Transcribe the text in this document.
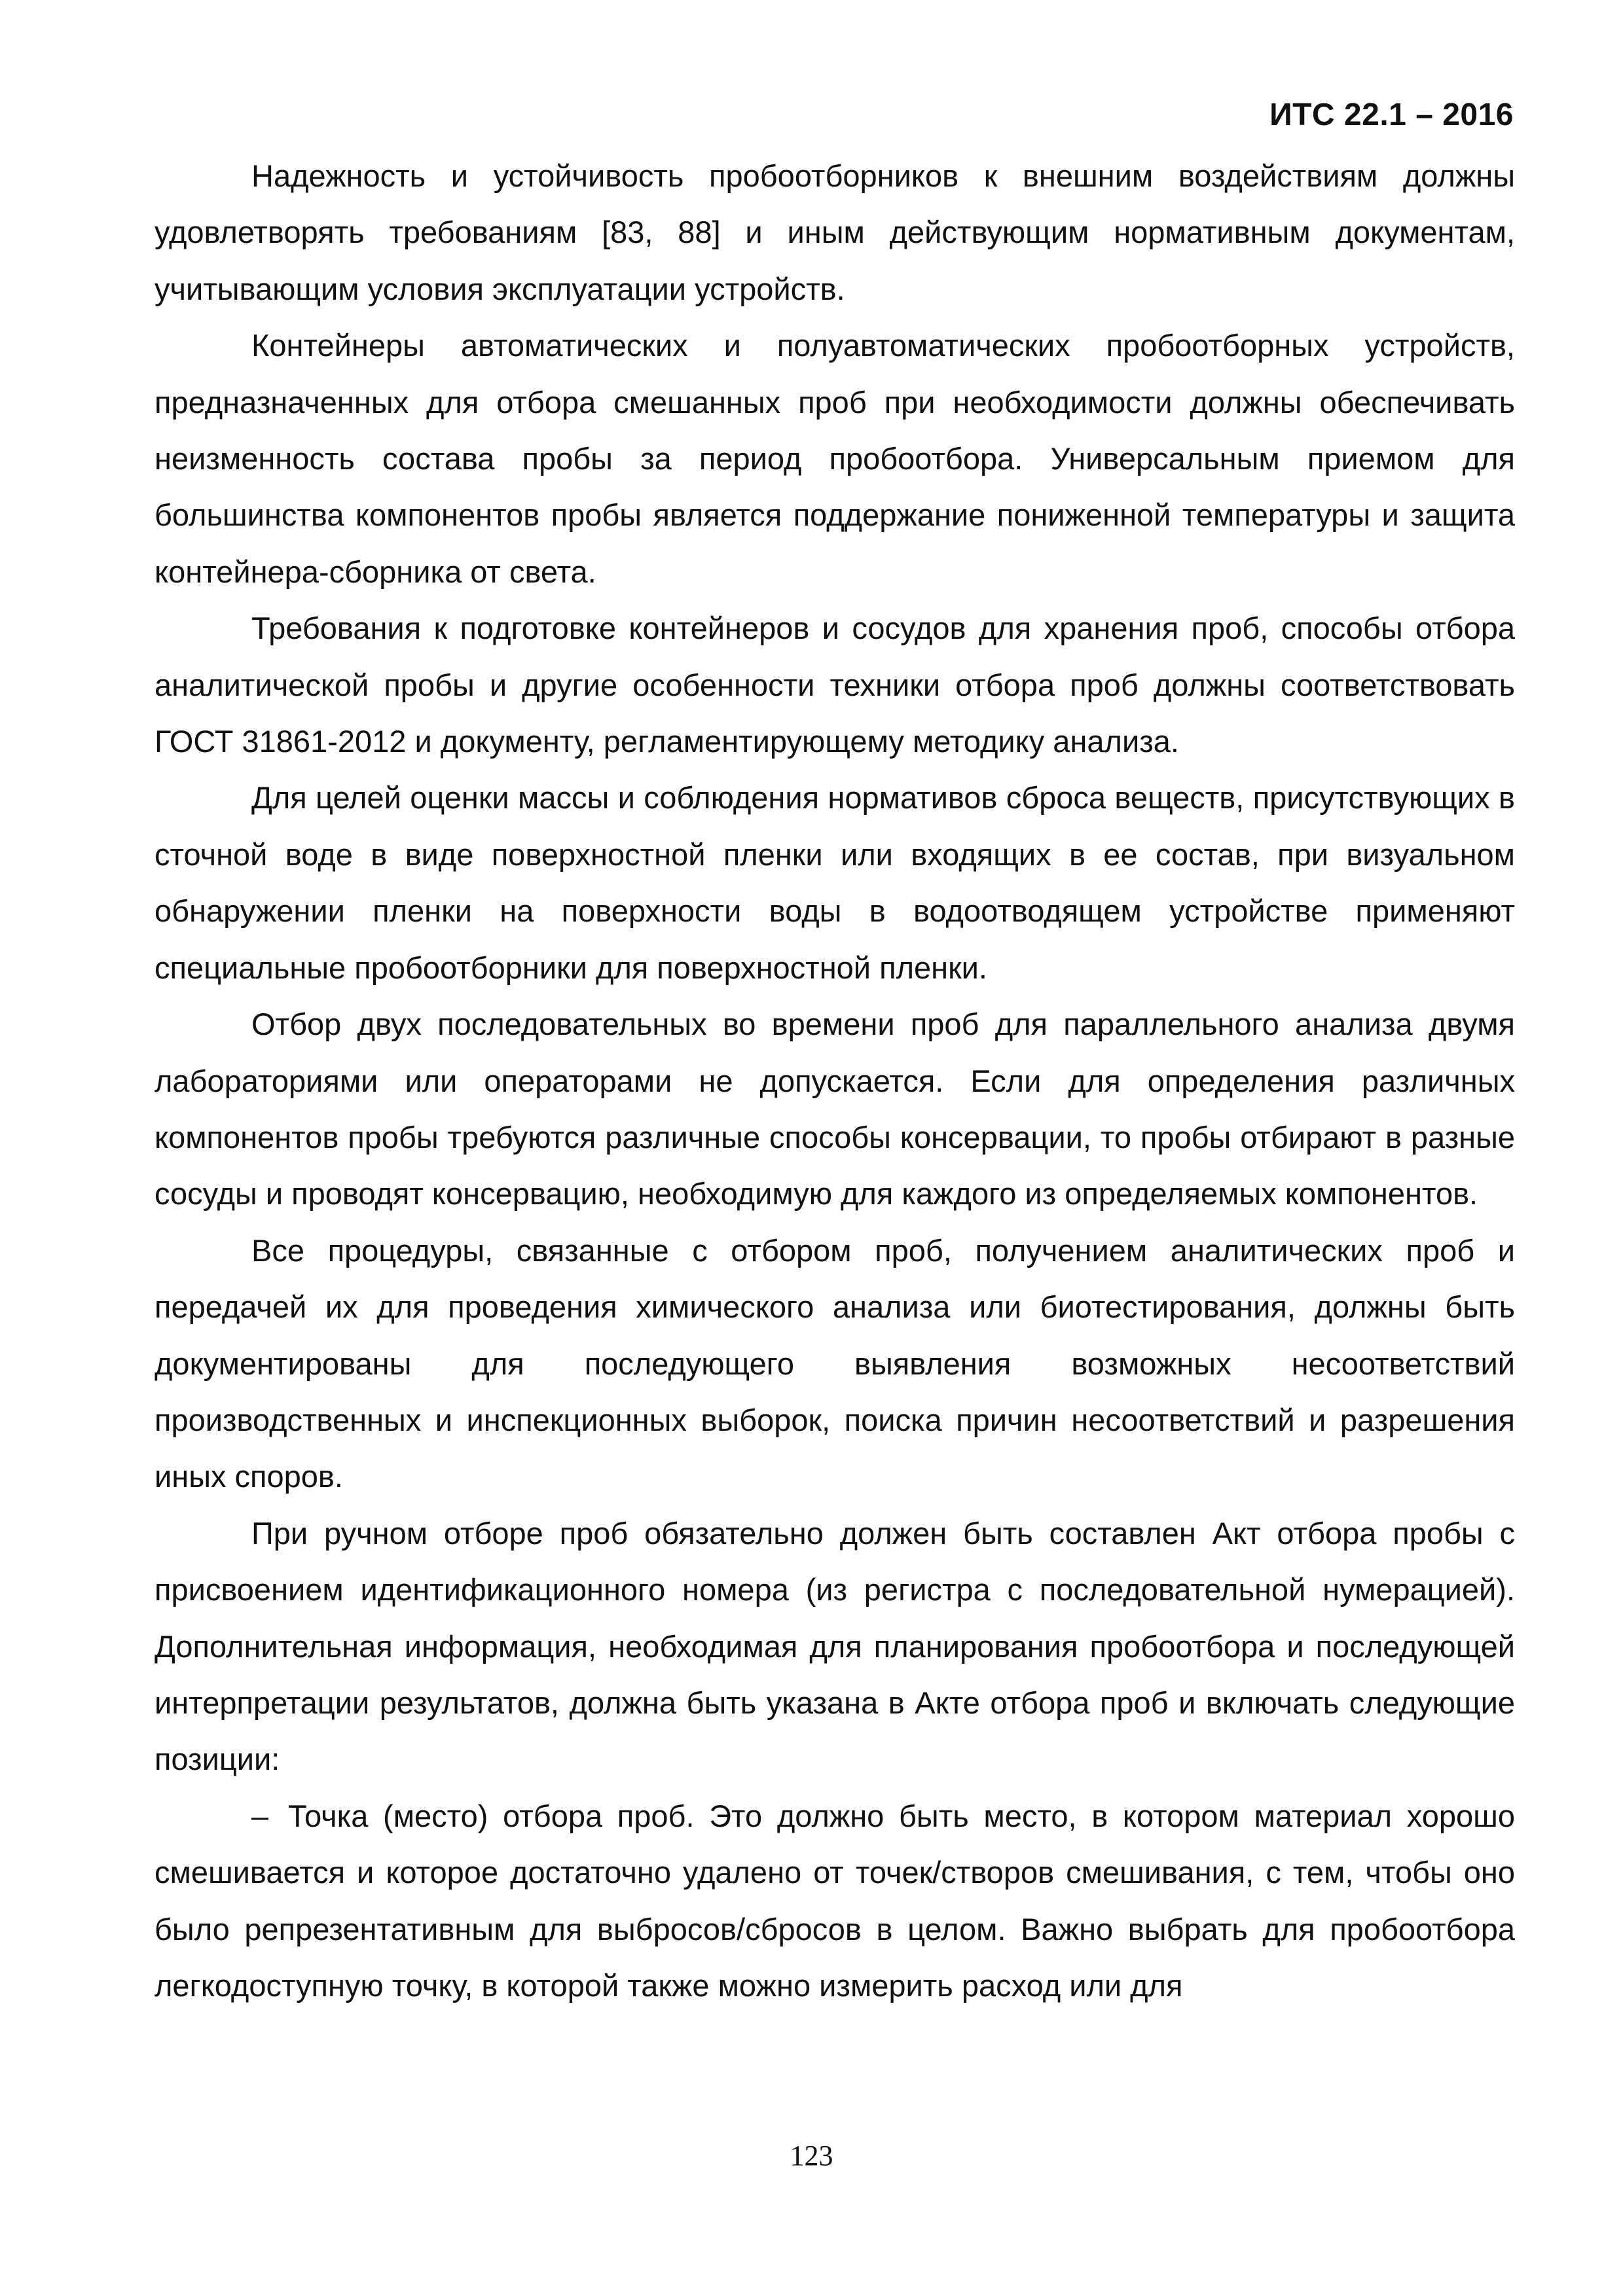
ИТС 22.1 – 2016

Надежность и устойчивость пробоотборников к внешним воздействиям должны удовлетворять требованиям [83, 88] и иным действующим нормативным документам, учитывающим условия эксплуатации устройств.

Контейнеры автоматических и полуавтоматических пробоотборных устройств, предназначенных для отбора смешанных проб при необходимости должны обеспечивать неизменность состава пробы за период пробоотбора. Универсальным приемом для большинства компонентов пробы является поддержание пониженной температуры и защита контейнера-сборника от света.

Требования к подготовке контейнеров и сосудов для хранения проб, способы отбора аналитической пробы и другие особенности техники отбора проб должны соответствовать ГОСТ 31861-2012 и документу, регламентирующему методику анализа.

Для целей оценки массы и соблюдения нормативов сброса веществ, присутствующих в сточной воде в виде поверхностной пленки или входящих в ее состав, при визуальном обнаружении пленки на поверхности воды в водоотводящем устройстве применяют специальные пробоотборники для поверхностной пленки.

Отбор двух последовательных во времени проб для параллельного анализа двумя лабораториями или операторами не допускается. Если для определения различных компонентов пробы требуются различные способы консервации, то пробы отбирают в разные сосуды и проводят консервацию, необходимую для каждого из определяемых компонентов.

Все процедуры, связанные с отбором проб, получением аналитических проб и передачей их для проведения химического анализа или биотестирования, должны быть документированы для последующего выявления возможных несоответствий производственных и инспекционных выборок, поиска причин несоответствий и разрешения иных споров.

При ручном отборе проб обязательно должен быть составлен Акт отбора пробы с присвоением идентификационного номера (из регистра с последовательной нумерацией). Дополнительная информация, необходимая для планирования пробоотбора и последующей интерпретации результатов, должна быть указана в Акте отбора проб и включать следующие позиции:

– Точка (место) отбора проб. Это должно быть место, в котором материал хорошо смешивается и которое достаточно удалено от точек/створов смешивания, с тем, чтобы оно было репрезентативным для выбросов/сбросов в целом. Важно выбрать для пробоотбора легкодоступную точку, в которой также можно измерить расход или для

123
